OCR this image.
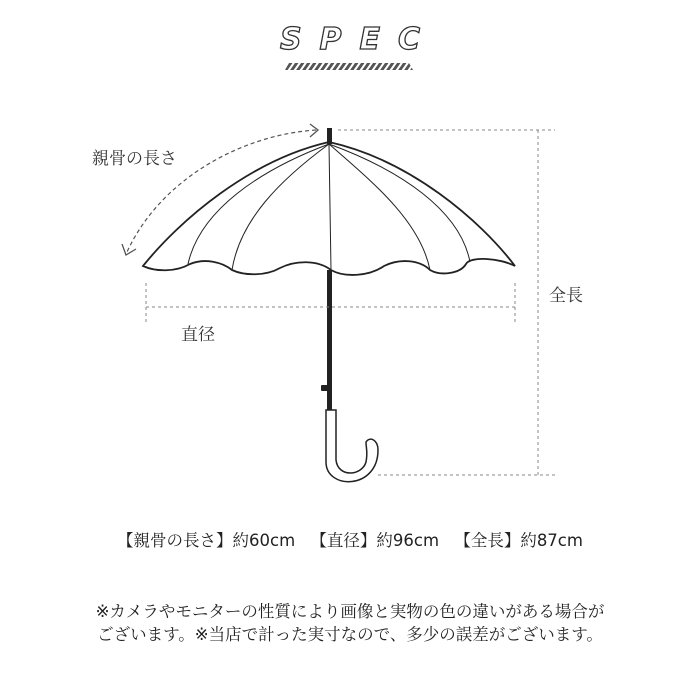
SPEC
親骨の長さ
直径
全長
【親骨の長さ】約60cm 【直径】約96cm 【全長】約87cm
※カメラやモニターの性質により画像と実物の色の違いがある場合が
ございます。※当店で計った実寸なので、多少の誤差がございます。
